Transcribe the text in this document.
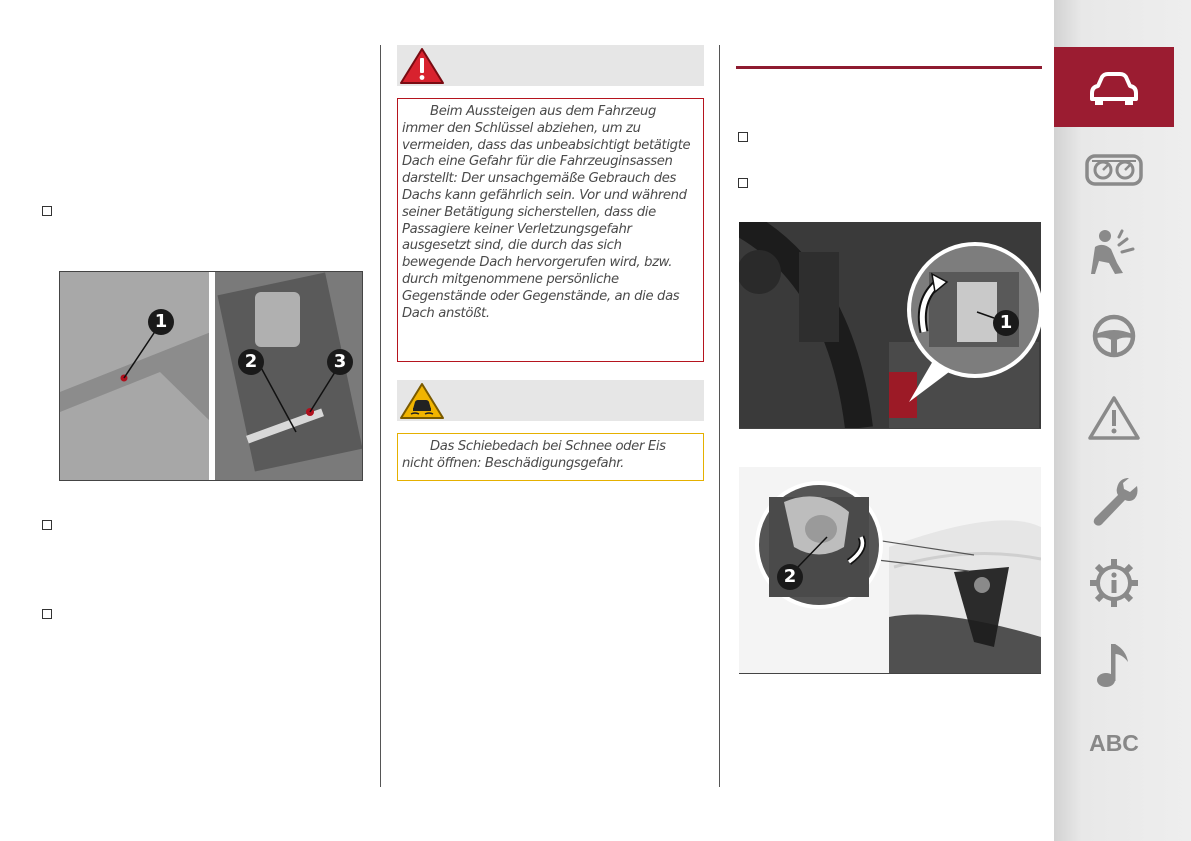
1
2	3

Beim Aussteigen aus dem Fahrzeug immer den Schlüssel abziehen, um zu vermeiden, dass das unbeabsichtigt betätigte Dach eine Gefahr für die Fahrzeuginsassen darstellt: Der unsachgemäße Gebrauch des Dachs kann gefährlich sein. Vor und während seiner Betätigung sicherstellen, dass die Passagiere keiner Verletzungsgefahr ausgesetzt sind, die durch das sich bewegende Dach hervorgerufen wird, bzw. durch mitgenommene persönliche Gegenstände oder Gegenstände, an die das Dach anstößt.

Das Schiebedach bei Schnee oder Eis nicht öffnen: Beschädigungsgefahr.

1
2
ABC
